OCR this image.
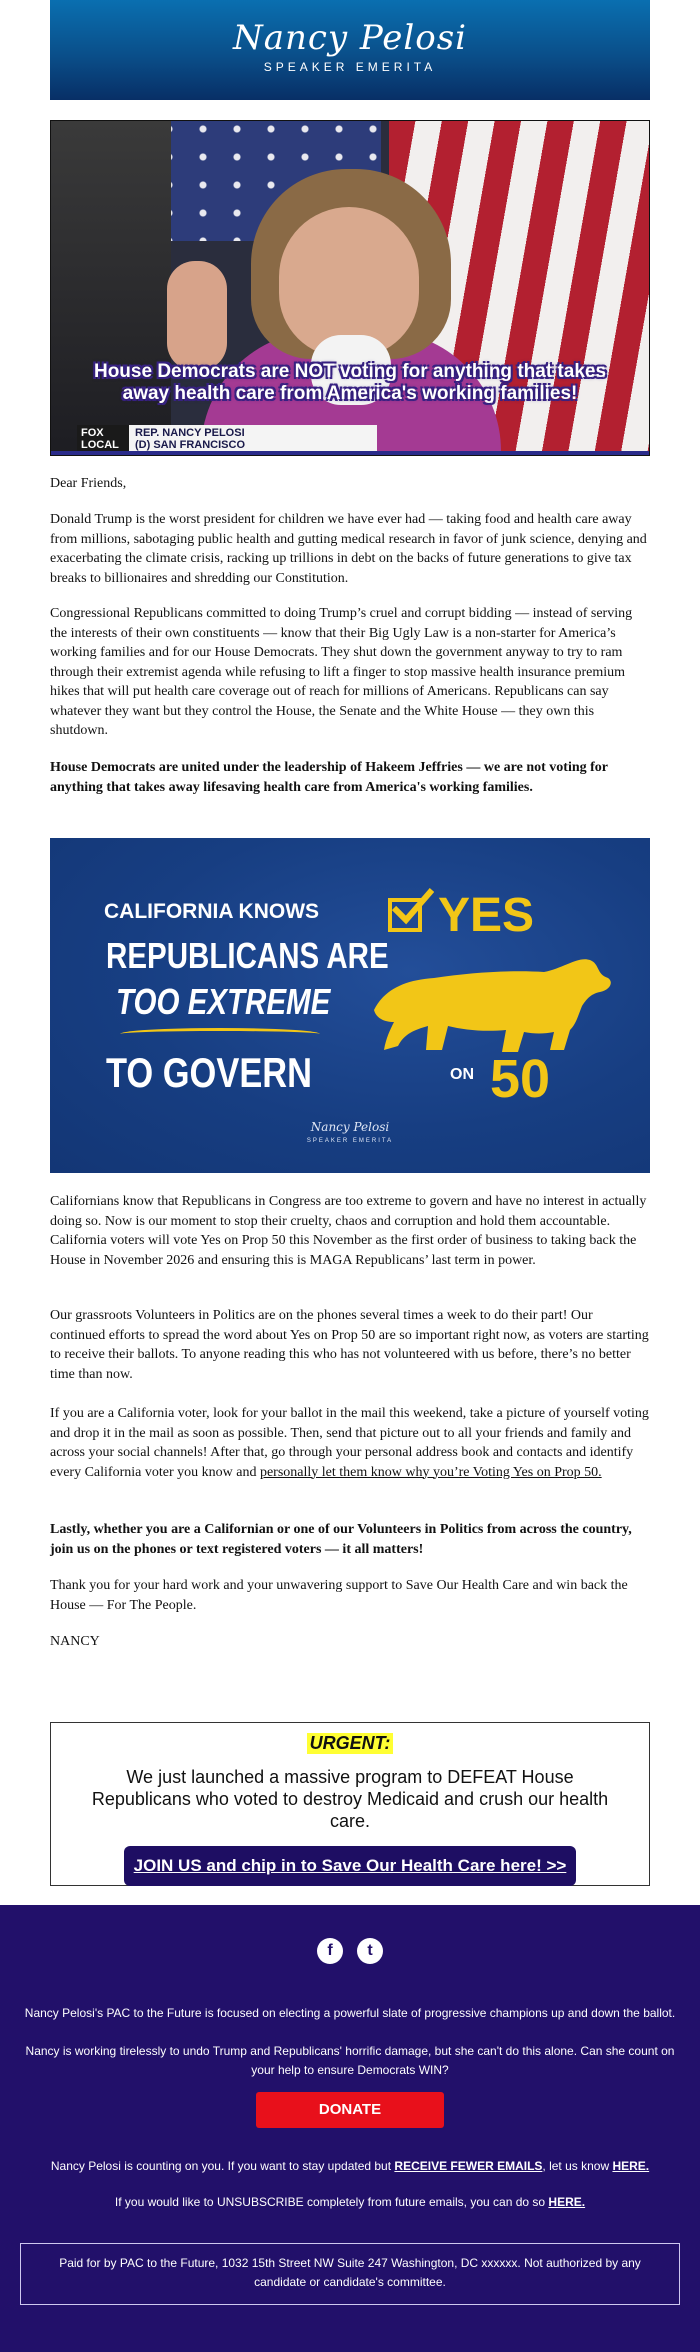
Nancy Pelosi
SPEAKER EMERITA
House Democrats are NOT voting for anything that takes
away health care from America's working families!
FOX
LOCAL
REP. NANCY PELOSI
(D) SAN FRANCISCO
Dear Friends,
Donald Trump is the worst president for children we have ever had — taking food and health care away from millions, sabotaging public health and gutting medical research in favor of junk science, denying and exacerbating the climate crisis, racking up trillions in debt on the backs of future generations to give tax breaks to billionaires and shredding our Constitution.
Congressional Republicans committed to doing Trump’s cruel and corrupt bidding — instead of serving the interests of their own constituents — know that their Big Ugly Law is a non-starter for America’s working families and for our House Democrats. They shut down the government anyway to try to ram through their extremist agenda while refusing to lift a finger to stop massive health insurance premium hikes that will put health care coverage out of reach for millions of Americans. Republicans can say whatever they want but they control the House, the Senate and the White House — they own this shutdown.
House Democrats are united under the leadership of Hakeem Jeffries — we are not voting for anything that takes away lifesaving health care from America's working families.
CALIFORNIA KNOWS
REPUBLICANS ARE
TOO EXTREME
TO GOVERN
YES
ON 50
Nancy Pelosi
SPEAKER EMERITA
Californians know that Republicans in Congress are too extreme to govern and have no interest in actually doing so. Now is our moment to stop their cruelty, chaos and corruption and hold them accountable. California voters will vote Yes on Prop 50 this November as the first order of business to taking back the House in November 2026 and ensuring this is MAGA Republicans’ last term in power.
Our grassroots Volunteers in Politics are on the phones several times a week to do their part! Our continued efforts to spread the word about Yes on Prop 50 are so important right now, as voters are starting to receive their ballots. To anyone reading this who has not volunteered with us before, there’s no better time than now.
If you are a California voter, look for your ballot in the mail this weekend, take a picture of yourself voting and drop it in the mail as soon as possible. Then, send that picture out to all your friends and family and across your social channels! After that, go through your personal address book and contacts and identify every California voter you know and personally let them know why you’re Voting Yes on Prop 50.
Lastly, whether you are a Californian or one of our Volunteers in Politics from across the country, join us on the phones or text registered voters — it all matters!
Thank you for your hard work and your unwavering support to Save Our Health Care and win back the House — For The People.
NANCY
URGENT:
We just launched a massive program to DEFEAT House Republicans who voted to destroy Medicaid and crush our health care.
JOIN US and chip in to Save Our Health Care here! >>
f	t
Nancy Pelosi's PAC to the Future is focused on electing a powerful slate of progressive champions up and down the ballot.
Nancy is working tirelessly to undo Trump and Republicans' horrific damage, but she can't do this alone. Can she count on your help to ensure Democrats WIN?
DONATE
Nancy Pelosi is counting on you. If you want to stay updated but RECEIVE FEWER EMAILS, let us know HERE.
If you would like to UNSUBSCRIBE completely from future emails, you can do so HERE.
Paid for by PAC to the Future, 1032 15th Street NW Suite 247 Washington, DC xxxxxx. Not authorized by any candidate or candidate's committee.
